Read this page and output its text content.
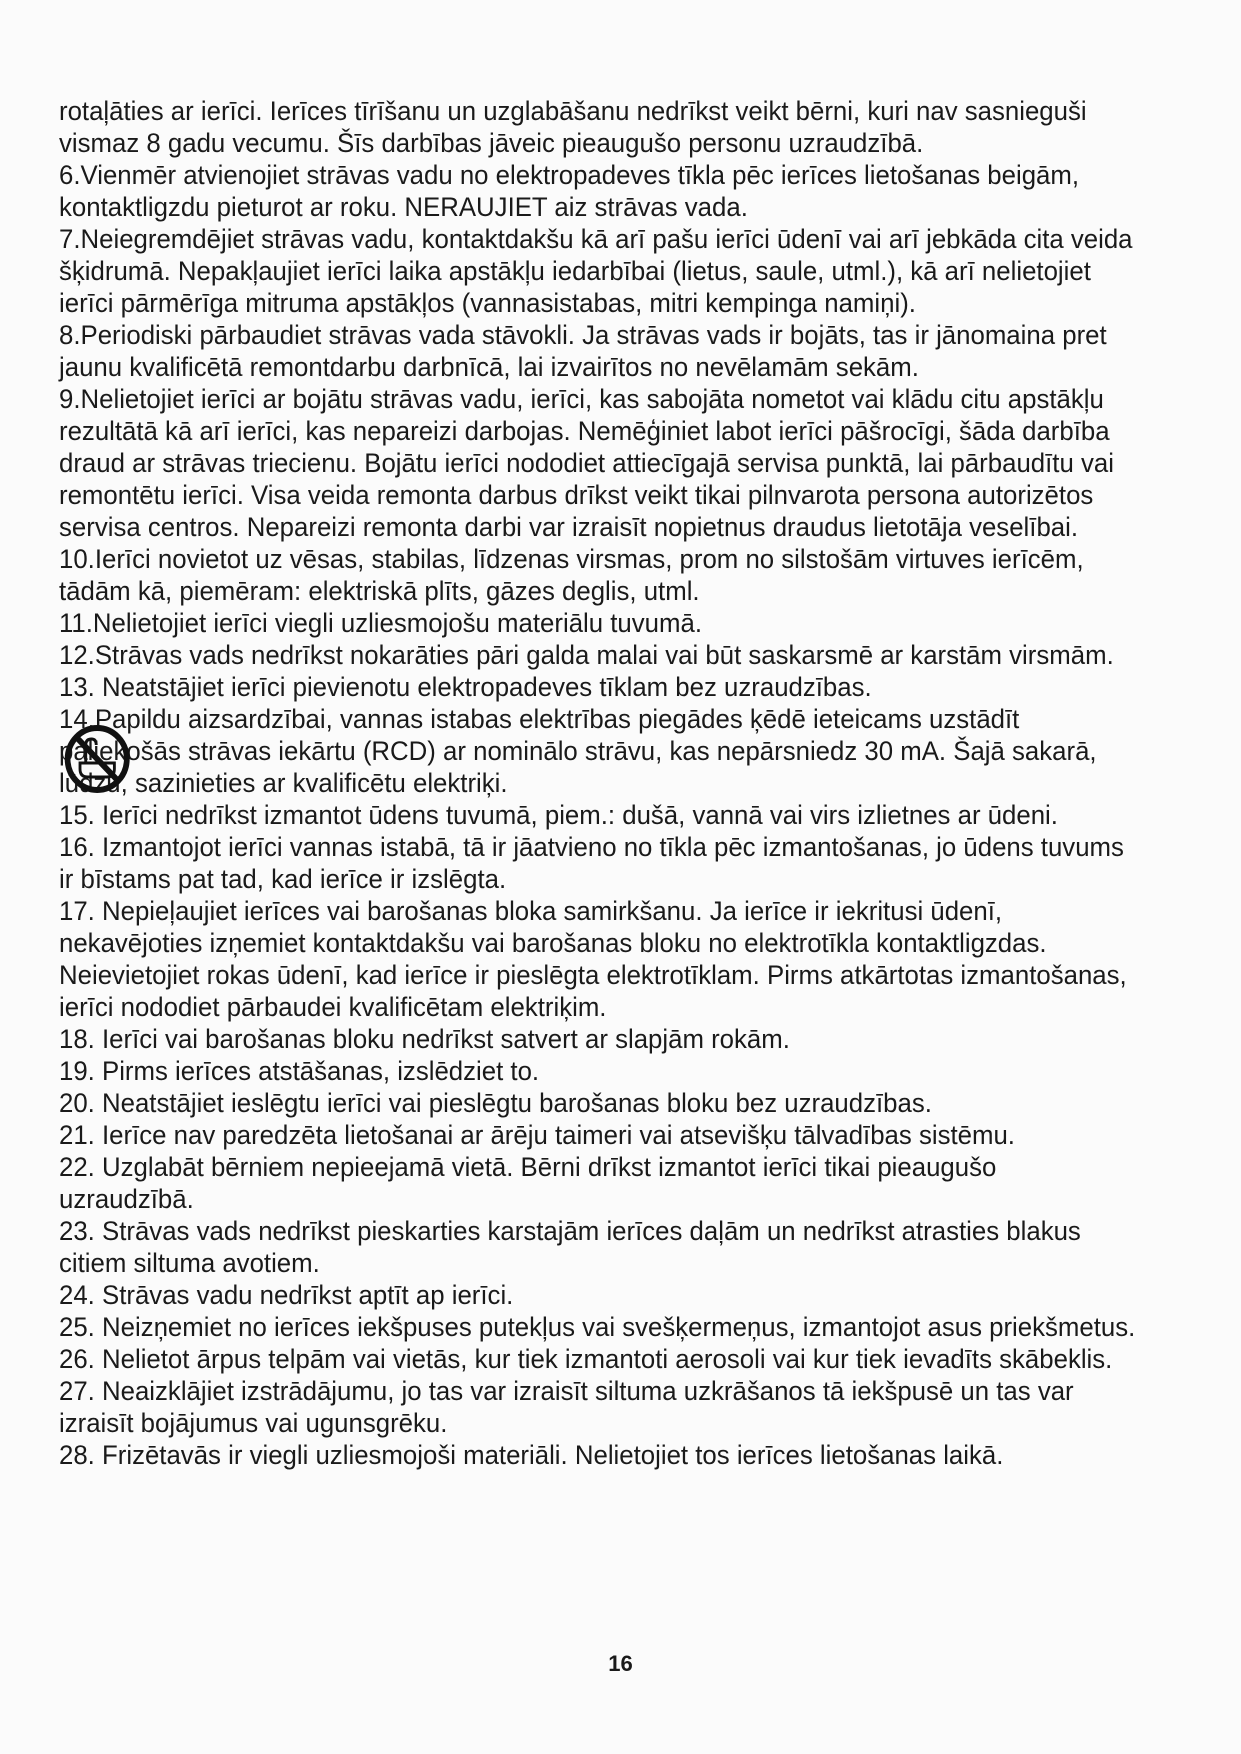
rotaļāties ar ierīci. Ierīces tīrīšanu un uzglabāšanu nedrīkst veikt bērni, kuri nav sasnieguši vismaz 8 gadu vecumu. Šīs darbības jāveic pieaugušo personu uzraudzībā.

6.Vienmēr atvienojiet strāvas vadu no elektropadeves tīkla pēc ierīces lietošanas beigām, kontaktligzdu pieturot ar roku. NERAUJIET aiz strāvas vada.

7.Neiegremdējiet strāvas vadu, kontaktdakšu kā arī pašu ierīci ūdenī vai arī jebkāda cita veida šķidrumā. Nepakļaujiet ierīci laika apstākļu iedarbībai (lietus, saule, utml.), kā arī nelietojiet ierīci pārmērīga mitruma apstākļos (vannasistabas, mitri kempinga namiņi).

8.Periodiski pārbaudiet strāvas vada stāvokli. Ja strāvas vads ir bojāts, tas ir jānomaina pret jaunu kvalificētā remontdarbu darbnīcā, lai izvairītos no nevēlamām sekām.

9.Nelietojiet ierīci ar bojātu strāvas vadu, ierīci, kas sabojāta nometot vai klādu citu apstākļu rezultātā kā arī ierīci, kas nepareizi darbojas. Nemēģiniet labot ierīci pāšrocīgi, šāda darbība draud ar strāvas triecienu. Bojātu ierīci nododiet attiecīgajā servisa punktā, lai pārbaudītu vai remontētu ierīci. Visa veida remonta darbus drīkst veikt tikai pilnvarota persona autorizētos servisa centros. Nepareizi remonta darbi var izraisīt nopietnus draudus lietotāja veselībai.

10.Ierīci novietot uz vēsas, stabilas, līdzenas virsmas, prom no silstošām virtuves ierīcēm, tādām kā, piemēram: elektriskā plīts, gāzes deglis, utml.

11.Nelietojiet ierīci viegli uzliesmojošu materiālu tuvumā.

12.Strāvas vads nedrīkst nokarāties pāri galda malai vai būt saskarsmē ar karstām virsmām.

13. Neatstājiet ierīci pievienotu elektropadeves tīklam bez uzraudzības.

14.Papildu aizsardzībai, vannas istabas elektrības piegādes ķēdē ieteicams uzstādīt paliekošās strāvas iekārtu (RCD) ar nominālo strāvu, kas nepārsniedz 30 mA. Šajā sakarā, lūdzu, sazinieties ar kvalificētu elektriķi.

15. Ierīci nedrīkst izmantot ūdens tuvumā, piem.: dušā, vannā vai virs izlietnes ar ūdeni.

16. Izmantojot ierīci vannas istabā, tā ir jāatvieno no tīkla pēc izmantošanas, jo ūdens tuvums ir bīstams pat tad, kad ierīce ir izslēgta.

17. Nepieļaujiet ierīces vai barošanas bloka samirkšanu. Ja ierīce ir iekritusi ūdenī, nekavējoties izņemiet kontaktdakšu vai barošanas bloku no elektrotīkla kontaktligzdas. Neievietojiet rokas ūdenī, kad ierīce ir pieslēgta elektrotīklam. Pirms atkārtotas izmantošanas, ierīci nododiet pārbaudei kvalificētam elektriķim.

18. Ierīci vai barošanas bloku nedrīkst satvert ar slapjām rokām.

19. Pirms ierīces atstāšanas, izslēdziet to.

20. Neatstājiet ieslēgtu ierīci vai pieslēgtu barošanas bloku bez uzraudzības.

21. Ierīce nav paredzēta lietošanai ar ārēju taimeri vai atsevišķu tālvadības sistēmu.

22. Uzglabāt bērniem nepieejamā vietā. Bērni drīkst izmantot ierīci tikai pieaugušo uzraudzībā.

23. Strāvas vads nedrīkst pieskarties karstajām ierīces daļām un nedrīkst atrasties blakus citiem siltuma avotiem.

24. Strāvas vadu nedrīkst aptīt ap ierīci.

25. Neizņemiet no ierīces iekšpuses putekļus vai svešķermeņus, izmantojot asus priekšmetus.

26. Nelietot ārpus telpām vai vietās, kur tiek izmantoti aerosoli vai kur tiek ievadīts skābeklis.

27. Neaizklājiet izstrādājumu, jo tas var izraisīt siltuma uzkrāšanos tā iekšpusē un tas var izraisīt bojājumus vai ugunsgrēku.

28. Frizētavās ir viegli uzliesmojoši materiāli. Nelietojiet tos ierīces lietošanas laikā.

16
